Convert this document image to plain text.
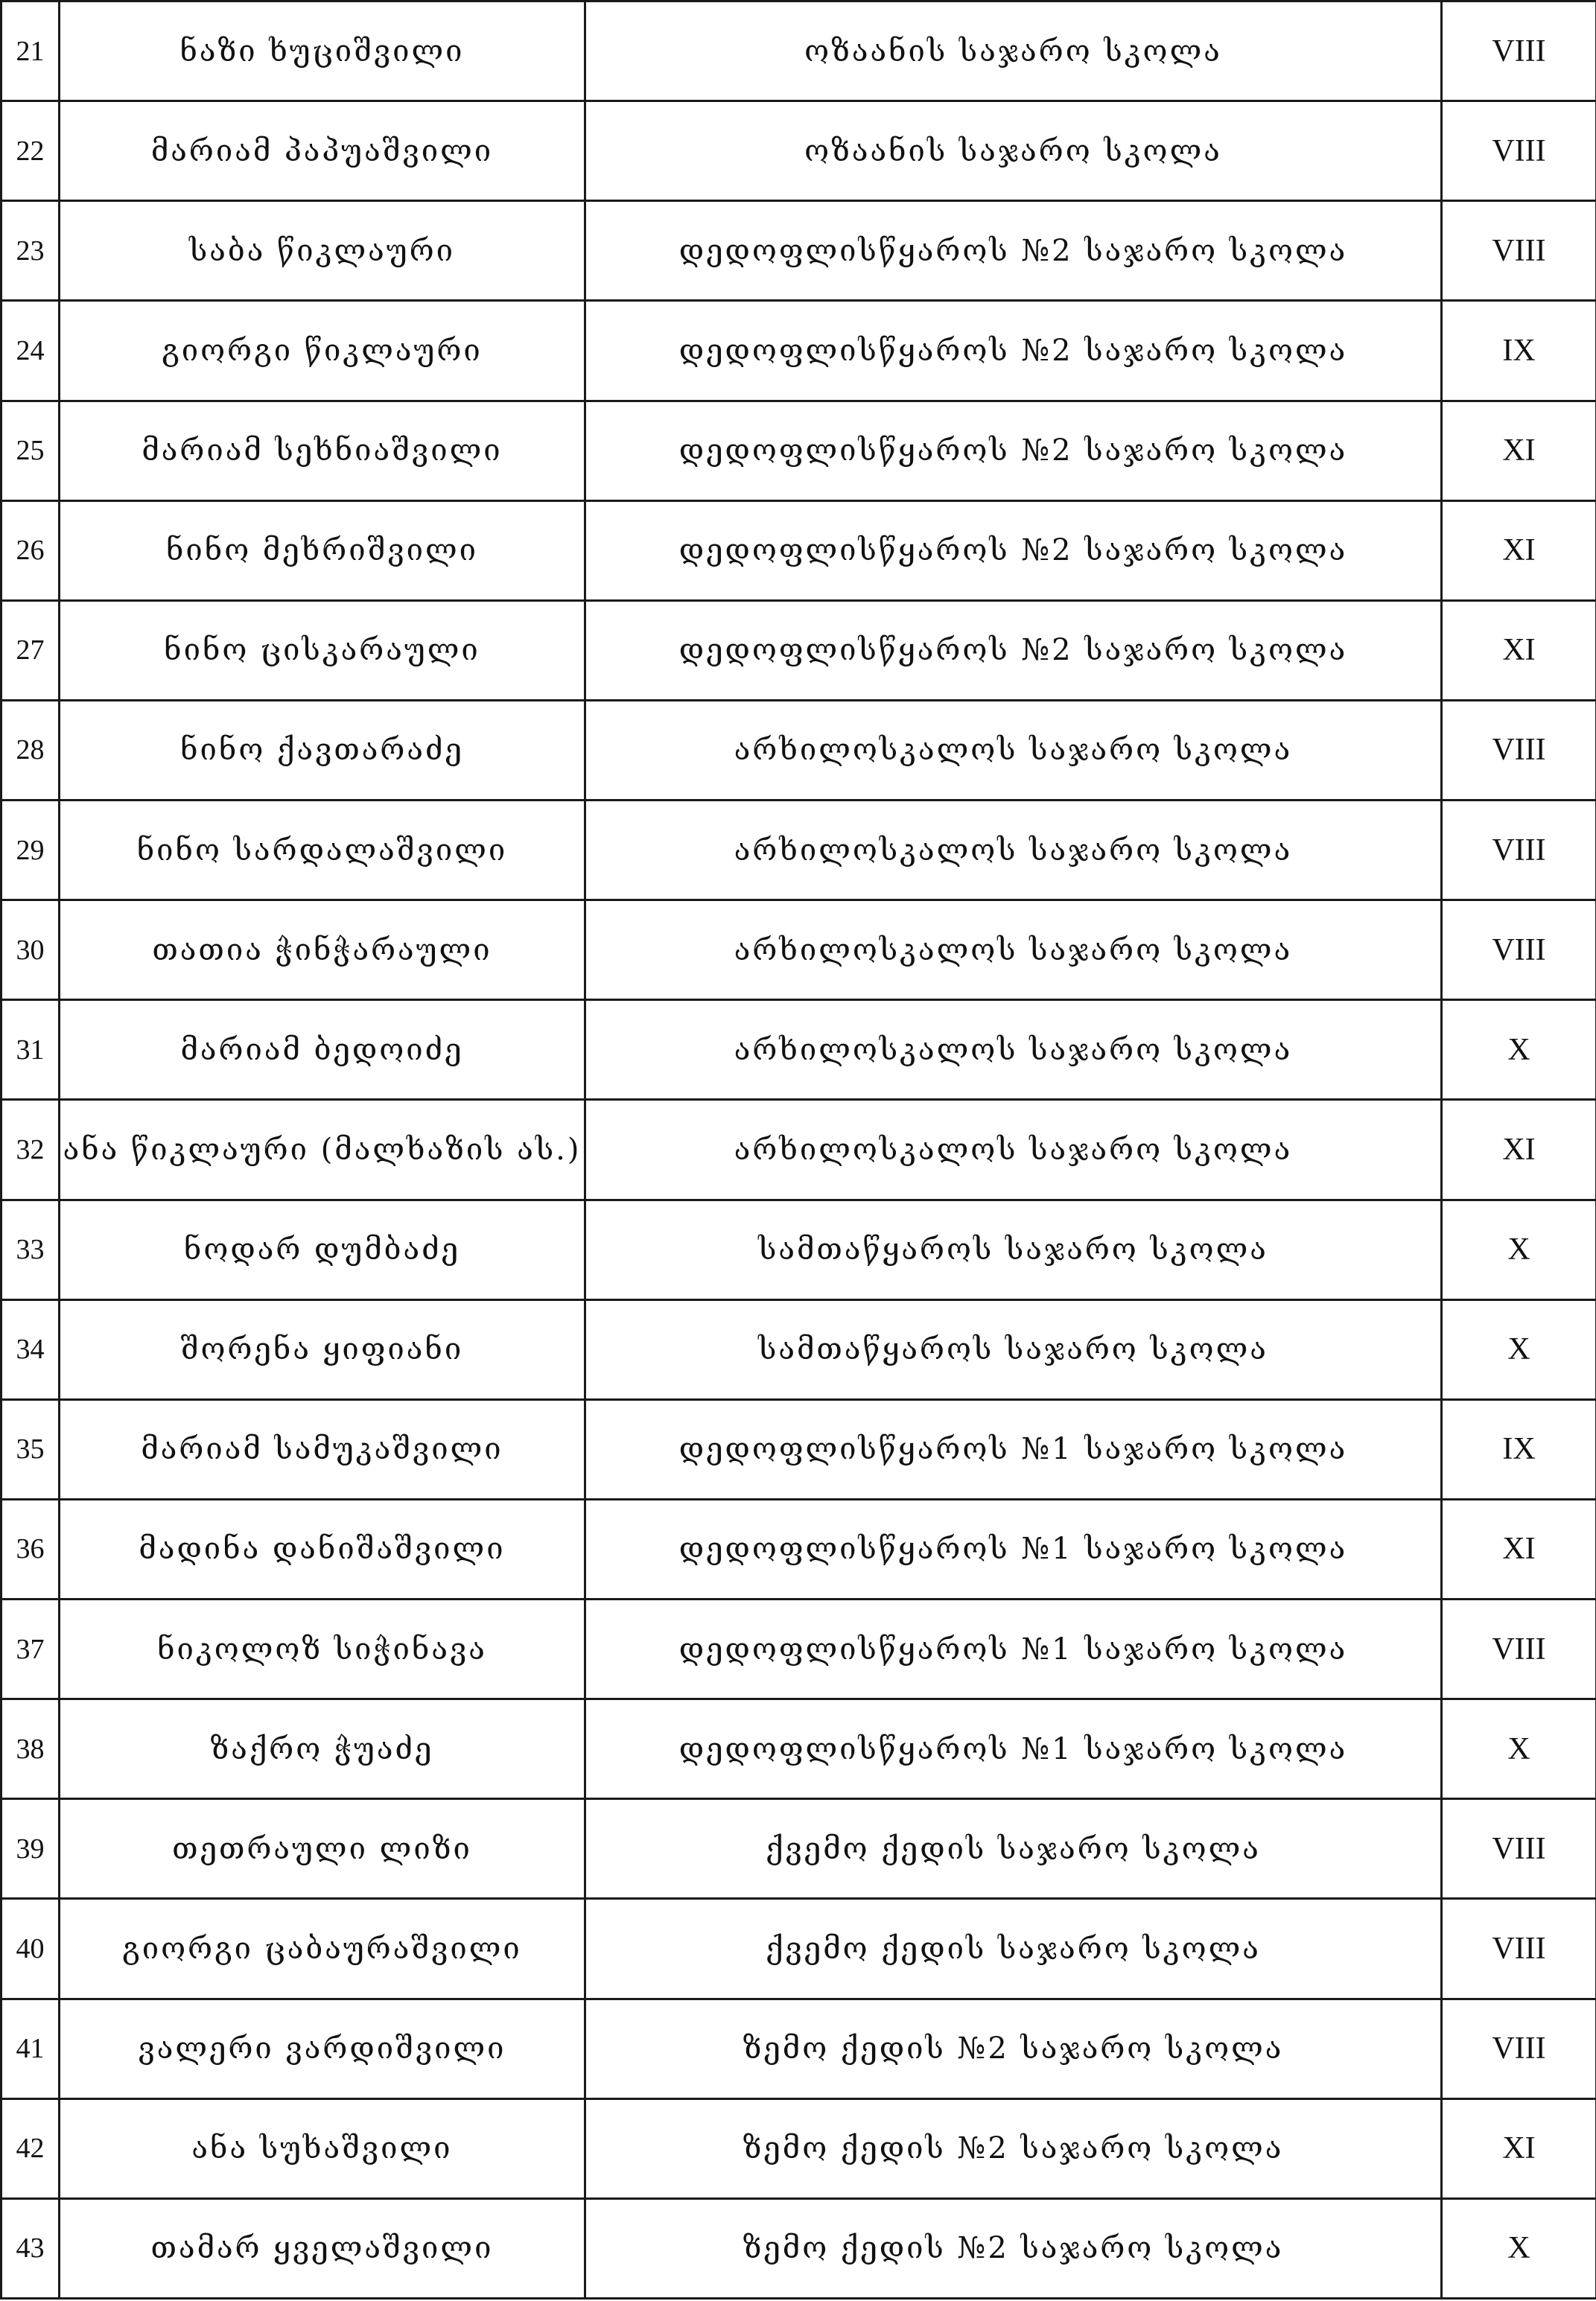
21	ნაზი ხუციშვილი	ოზაანის საჯარო სკოლა	VIII
22	მარიამ პაპუაშვილი	ოზაანის საჯარო სკოლა	VIII
23	საბა წიკლაური	დედოფლისწყაროს №2 საჯარო სკოლა	VIII
24	გიორგი წიკლაური	დედოფლისწყაროს №2 საჯარო სკოლა	IX
25	მარიამ სეხნიაშვილი	დედოფლისწყაროს №2 საჯარო სკოლა	XI
26	ნინო მეხრიშვილი	დედოფლისწყაროს №2 საჯარო სკოლა	XI
27	ნინო ცისკარაული	დედოფლისწყაროს №2 საჯარო სკოლა	XI
28	ნინო ქავთარაძე	არხილოსკალოს საჯარო სკოლა	VIII
29	ნინო სარდალაშვილი	არხილოსკალოს საჯარო სკოლა	VIII
30	თათია ჭინჭარაული	არხილოსკალოს საჯარო სკოლა	VIII
31	მარიამ ბედოიძე	არხილოსკალოს საჯარო სკოლა	X
32	ანა წიკლაური (მალხაზის ას.)	არხილოსკალოს საჯარო სკოლა	XI
33	ნოდარ დუმბაძე	სამთაწყაროს საჯარო სკოლა	X
34	შორენა ყიფიანი	სამთაწყაროს საჯარო სკოლა	X
35	მარიამ სამუკაშვილი	დედოფლისწყაროს №1 საჯარო სკოლა	IX
36	მადინა დანიშაშვილი	დედოფლისწყაროს №1 საჯარო სკოლა	XI
37	ნიკოლოზ სიჭინავა	დედოფლისწყაროს №1 საჯარო სკოლა	VIII
38	ზაქრო ჭუაძე	დედოფლისწყაროს №1 საჯარო სკოლა	X
39	თეთრაული ლიზი	ქვემო ქედის საჯარო სკოლა	VIII
40	გიორგი ცაბაურაშვილი	ქვემო ქედის საჯარო სკოლა	VIII
41	ვალერი ვარდიშვილი	ზემო ქედის №2 საჯარო სკოლა	VIII
42	ანა სუხაშვილი	ზემო ქედის №2 საჯარო სკოლა	XI
43	თამარ ყველაშვილი	ზემო ქედის №2 საჯარო სკოლა	X
